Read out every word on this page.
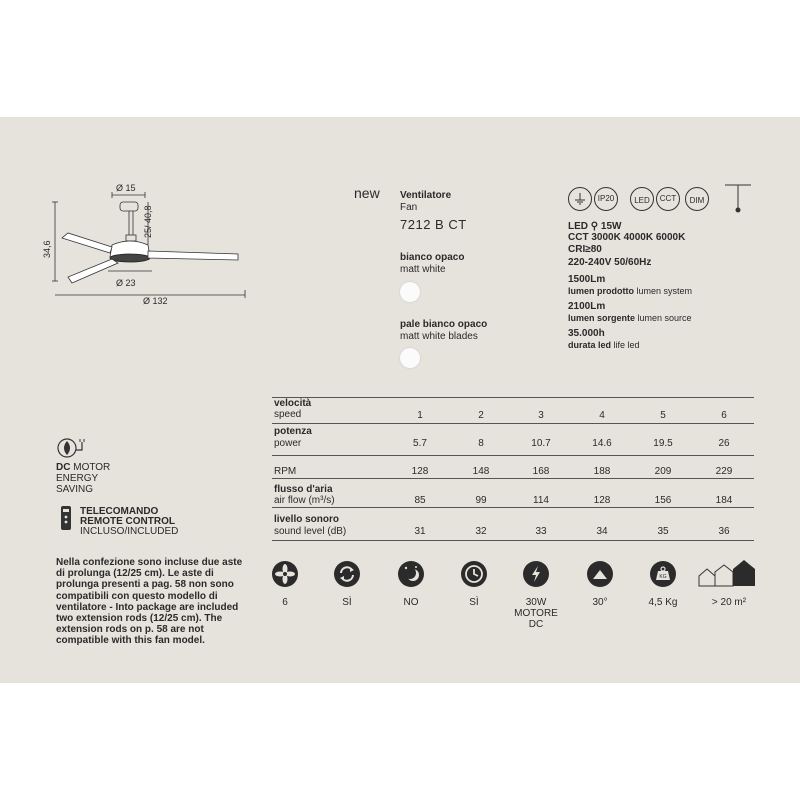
Ø 15
25/ 40,8
34,6
Ø 23
Ø 132
new Ventilatore
Fan
7212 B CT
bianco opaco
matt white
pale bianco opaco
matt white blades
IP20	LED	CCT	DIM
LED ⚲ 15W
CCT 3000K 4000K 6000K
CRI≥80
220-240V 50/60Hz
1500Lm
lumen prodotto lumen system
2100Lm
lumen sorgente lumen source
35.000h
durata led life led
DC MOTOR
ENERGY
SAVING
TELECOMANDO
REMOTE CONTROL
INCLUSO/INCLUDED
velocità
speed	1	2	3	4	5	6
potenza
power	5.7	8	10.7	14.6	19.5	26
RPM	128	148	168	188	209	229
flusso d'aria
air flow (m³/s)	85	99	114	128	156	184
livello sonoro
sound level (dB)	31	32	33	34	35	36
Nella confezione sono incluse due aste di prolunga (12/25 cm). Le aste di prolunga presenti a pag. 58 non sono compatibili con questo modello di ventilatore - Into package are included two extension rods (12/25 cm). The extension rods on p. 58 are not compatible with this fan model.
KG
6	SÌ	NO	SÌ	30W MOTORE DC
30°	4,5 Kg	> 20 m²
